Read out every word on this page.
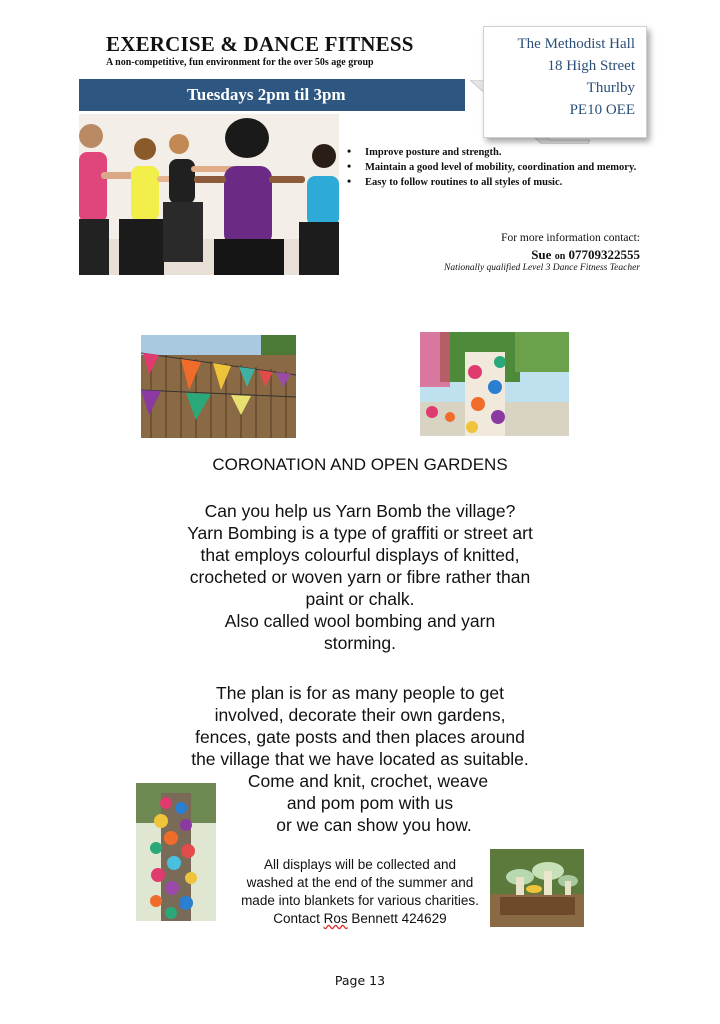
EXERCISE & DANCE FITNESS
A non-competitive, fun environment for the over 50s age group
Tuesdays 2pm til 3pm
The Methodist Hall
18 High Street
Thurlby
PE10 OEE
• Improve posture and strength.
• Maintain a good level of mobility, coordination and memory.
• Easy to follow routines to all styles of music.
For more information contact:
Sue on 07709322555
Nationally qualified Level 3 Dance Fitness Teacher
CORONATION AND OPEN GARDENS
Can you help us Yarn Bomb the village?
Yarn Bombing is a type of graffiti or street art
that employs colourful displays of knitted,
crocheted or woven yarn or fibre rather than
paint or chalk.
Also called wool bombing and yarn
storming.
The plan is for as many people to get
involved, decorate their own gardens,
fences, gate posts and then places around
the village that we have located as suitable.
Come and knit, crochet, weave
and pom pom with us
or we can show you how.
All displays will be collected and
washed at the end of the summer and
made into blankets for various charities.
Contact Ros Bennett 424629
Page 13
